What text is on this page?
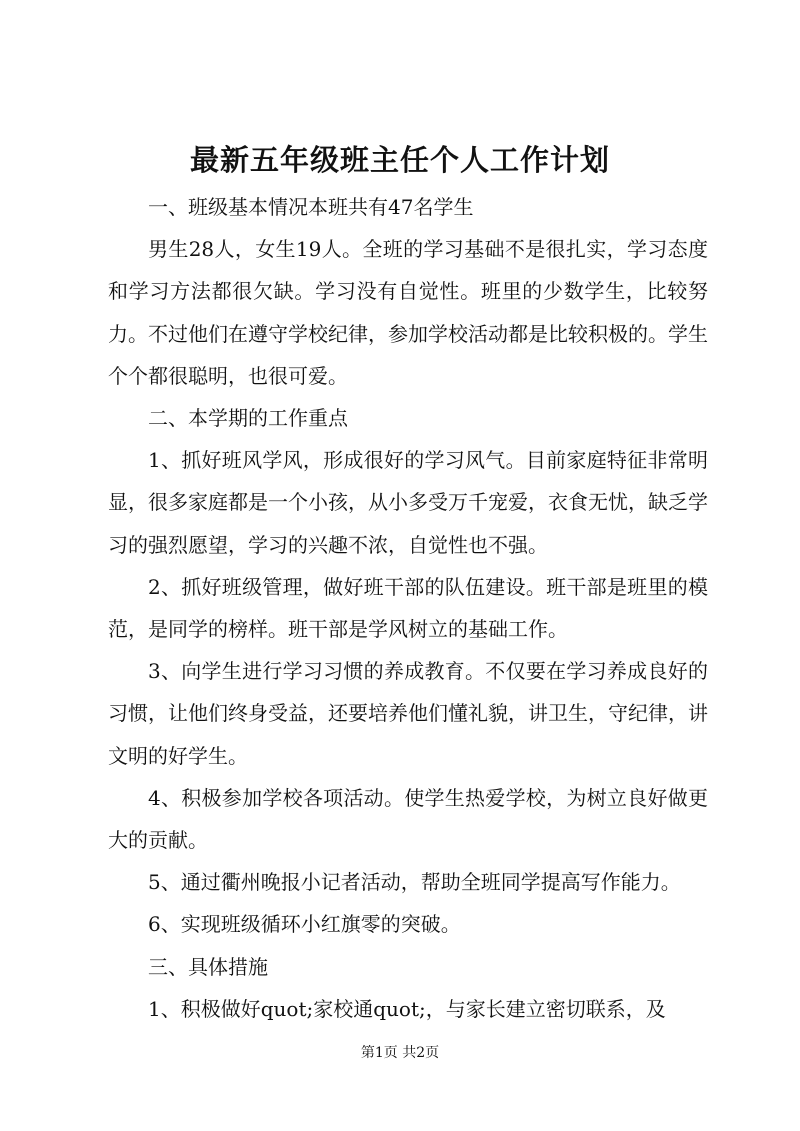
最新五年级班主任个人工作计划

一、班级基本情况本班共有47名学生

男生28人，女生19人。全班的学习基础不是很扎实，学习态度和学习方法都很欠缺。学习没有自觉性。班里的少数学生，比较努力。不过他们在遵守学校纪律，参加学校活动都是比较积极的。学生个个都很聪明，也很可爱。

二、本学期的工作重点

1、抓好班风学风，形成很好的学习风气。目前家庭特征非常明显，很多家庭都是一个小孩，从小多受万千宠爱，衣食无忧，缺乏学习的强烈愿望，学习的兴趣不浓，自觉性也不强。

2、抓好班级管理，做好班干部的队伍建设。班干部是班里的模范，是同学的榜样。班干部是学风树立的基础工作。

3、向学生进行学习习惯的养成教育。不仅要在学习养成良好的习惯，让他们终身受益，还要培养他们懂礼貌，讲卫生，守纪律，讲文明的好学生。

4、积极参加学校各项活动。使学生热爱学校，为树立良好做更大的贡献。

5、通过衢州晚报小记者活动，帮助全班同学提高写作能力。

6、实现班级循环小红旗零的突破。

三、具体措施

1、积极做好quot;家校通quot;，与家长建立密切联系，及

第1页 共2页
